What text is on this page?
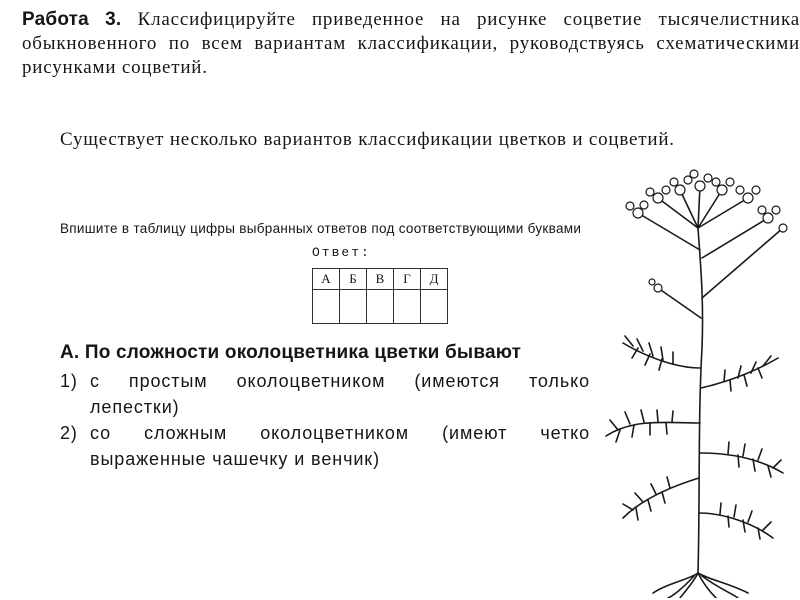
Работа 3. Классифицируйте приведенное на рисунке соцветие тысячелистника обыкновенного по всем вариантам классификации, руководствуясь схематическими рисунками соцветий.

Существует несколько вариантов классификации цветков и соцветий.

Впишите в таблицу цифры выбранных ответов под соответствующими буквами

Ответ:
А	Б	В	Г	Д

А. По сложности околоцветника цветки бывают

1) с простым околоцветником (имеются только лепестки)
2) со сложным околоцветником (имеют четко выраженные чашечку и венчик)
